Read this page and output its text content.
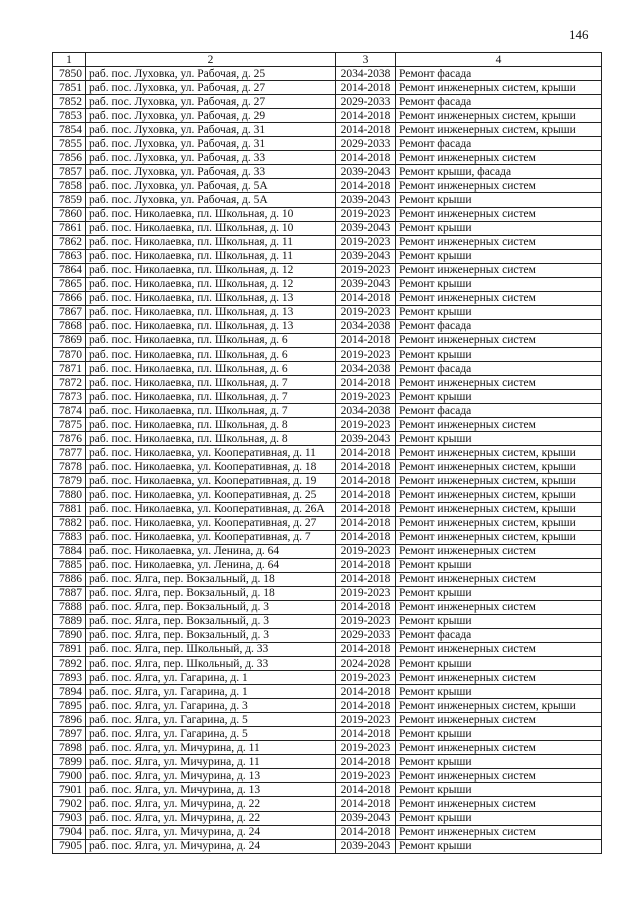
146
1	2	3	4
7850	раб. пос. Луховка, ул. Рабочая, д. 25	2034-2038	Ремонт фасада
7851	раб. пос. Луховка, ул. Рабочая, д. 27	2014-2018	Ремонт инженерных систем, крыши
7852	раб. пос. Луховка, ул. Рабочая, д. 27	2029-2033	Ремонт фасада
7853	раб. пос. Луховка, ул. Рабочая, д. 29	2014-2018	Ремонт инженерных систем, крыши
7854	раб. пос. Луховка, ул. Рабочая, д. 31	2014-2018	Ремонт инженерных систем, крыши
7855	раб. пос. Луховка, ул. Рабочая, д. 31	2029-2033	Ремонт фасада
7856	раб. пос. Луховка, ул. Рабочая, д. 33	2014-2018	Ремонт инженерных систем
7857	раб. пос. Луховка, ул. Рабочая, д. 33	2039-2043	Ремонт крыши, фасада
7858	раб. пос. Луховка, ул. Рабочая, д. 5А	2014-2018	Ремонт инженерных систем
7859	раб. пос. Луховка, ул. Рабочая, д. 5А	2039-2043	Ремонт крыши
7860	раб. пос. Николаевка, пл. Школьная, д. 10	2019-2023	Ремонт инженерных систем
7861	раб. пос. Николаевка, пл. Школьная, д. 10	2039-2043	Ремонт крыши
7862	раб. пос. Николаевка, пл. Школьная, д. 11	2019-2023	Ремонт инженерных систем
7863	раб. пос. Николаевка, пл. Школьная, д. 11	2039-2043	Ремонт крыши
7864	раб. пос. Николаевка, пл. Школьная, д. 12	2019-2023	Ремонт инженерных систем
7865	раб. пос. Николаевка, пл. Школьная, д. 12	2039-2043	Ремонт крыши
7866	раб. пос. Николаевка, пл. Школьная, д. 13	2014-2018	Ремонт инженерных систем
7867	раб. пос. Николаевка, пл. Школьная, д. 13	2019-2023	Ремонт крыши
7868	раб. пос. Николаевка, пл. Школьная, д. 13	2034-2038	Ремонт фасада
7869	раб. пос. Николаевка, пл. Школьная, д. 6	2014-2018	Ремонт инженерных систем
7870	раб. пос. Николаевка, пл. Школьная, д. 6	2019-2023	Ремонт крыши
7871	раб. пос. Николаевка, пл. Школьная, д. 6	2034-2038	Ремонт фасада
7872	раб. пос. Николаевка, пл. Школьная, д. 7	2014-2018	Ремонт инженерных систем
7873	раб. пос. Николаевка, пл. Школьная, д. 7	2019-2023	Ремонт крыши
7874	раб. пос. Николаевка, пл. Школьная, д. 7	2034-2038	Ремонт фасада
7875	раб. пос. Николаевка, пл. Школьная, д. 8	2019-2023	Ремонт инженерных систем
7876	раб. пос. Николаевка, пл. Школьная, д. 8	2039-2043	Ремонт крыши
7877	раб. пос. Николаевка, ул. Кооперативная, д. 11	2014-2018	Ремонт инженерных систем, крыши
7878	раб. пос. Николаевка, ул. Кооперативная, д. 18	2014-2018	Ремонт инженерных систем, крыши
7879	раб. пос. Николаевка, ул. Кооперативная, д. 19	2014-2018	Ремонт инженерных систем, крыши
7880	раб. пос. Николаевка, ул. Кооперативная, д. 25	2014-2018	Ремонт инженерных систем, крыши
7881	раб. пос. Николаевка, ул. Кооперативная, д. 26А	2014-2018	Ремонт инженерных систем, крыши
7882	раб. пос. Николаевка, ул. Кооперативная, д. 27	2014-2018	Ремонт инженерных систем, крыши
7883	раб. пос. Николаевка, ул. Кооперативная, д. 7	2014-2018	Ремонт инженерных систем, крыши
7884	раб. пос. Николаевка, ул. Ленина, д. 64	2019-2023	Ремонт инженерных систем
7885	раб. пос. Николаевка, ул. Ленина, д. 64	2014-2018	Ремонт крыши
7886	раб. пос. Ялга, пер. Вокзальный, д. 18	2014-2018	Ремонт инженерных систем
7887	раб. пос. Ялга, пер. Вокзальный, д. 18	2019-2023	Ремонт крыши
7888	раб. пос. Ялга, пер. Вокзальный, д. 3	2014-2018	Ремонт инженерных систем
7889	раб. пос. Ялга, пер. Вокзальный, д. 3	2019-2023	Ремонт крыши
7890	раб. пос. Ялга, пер. Вокзальный, д. 3	2029-2033	Ремонт фасада
7891	раб. пос. Ялга, пер. Школьный, д. 33	2014-2018	Ремонт инженерных систем
7892	раб. пос. Ялга, пер. Школьный, д. 33	2024-2028	Ремонт крыши
7893	раб. пос. Ялга, ул. Гагарина, д. 1	2019-2023	Ремонт инженерных систем
7894	раб. пос. Ялга, ул. Гагарина, д. 1	2014-2018	Ремонт крыши
7895	раб. пос. Ялга, ул. Гагарина, д. 3	2014-2018	Ремонт инженерных систем, крыши
7896	раб. пос. Ялга, ул. Гагарина, д. 5	2019-2023	Ремонт инженерных систем
7897	раб. пос. Ялга, ул. Гагарина, д. 5	2014-2018	Ремонт крыши
7898	раб. пос. Ялга, ул. Мичурина, д. 11	2019-2023	Ремонт инженерных систем
7899	раб. пос. Ялга, ул. Мичурина, д. 11	2014-2018	Ремонт крыши
7900	раб. пос. Ялга, ул. Мичурина, д. 13	2019-2023	Ремонт инженерных систем
7901	раб. пос. Ялга, ул. Мичурина, д. 13	2014-2018	Ремонт крыши
7902	раб. пос. Ялга, ул. Мичурина, д. 22	2014-2018	Ремонт инженерных систем
7903	раб. пос. Ялга, ул. Мичурина, д. 22	2039-2043	Ремонт крыши
7904	раб. пос. Ялга, ул. Мичурина, д. 24	2014-2018	Ремонт инженерных систем
7905	раб. пос. Ялга, ул. Мичурина, д. 24	2039-2043	Ремонт крыши
